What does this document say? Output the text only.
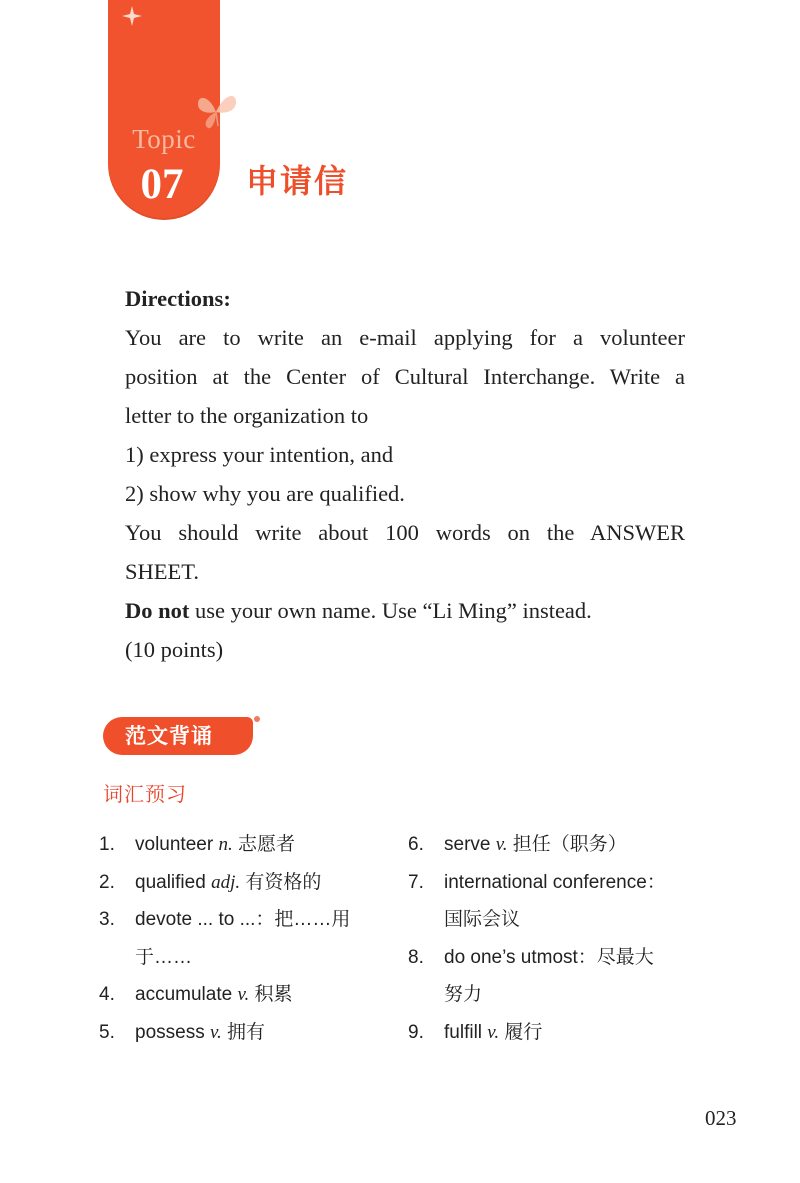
Topic
07	申请信

Directions:

You are to write an e-mail applying for a volunteer

position at the Center of Cultural Interchange. Write a

letter to the organization to

1) express your intention, and

2) show why you are qualified.

You should write about 100 words on the ANSWER

SHEET.

Do not use your own name. Use “Li Ming” instead.

(10 points)

范文背诵
词汇预习
1.	volunteer n. 志愿者
2.	qualified adj. 有资格的
3.	devote ... to ...：把……用
于……
4.	accumulate v. 积累
5.	possess v. 拥有
6.	serve v. 担任（职务）
7.	international conference：
国际会议
8.	do one’s utmost：尽最大
努力
9.	fulfill v. 履行
023
